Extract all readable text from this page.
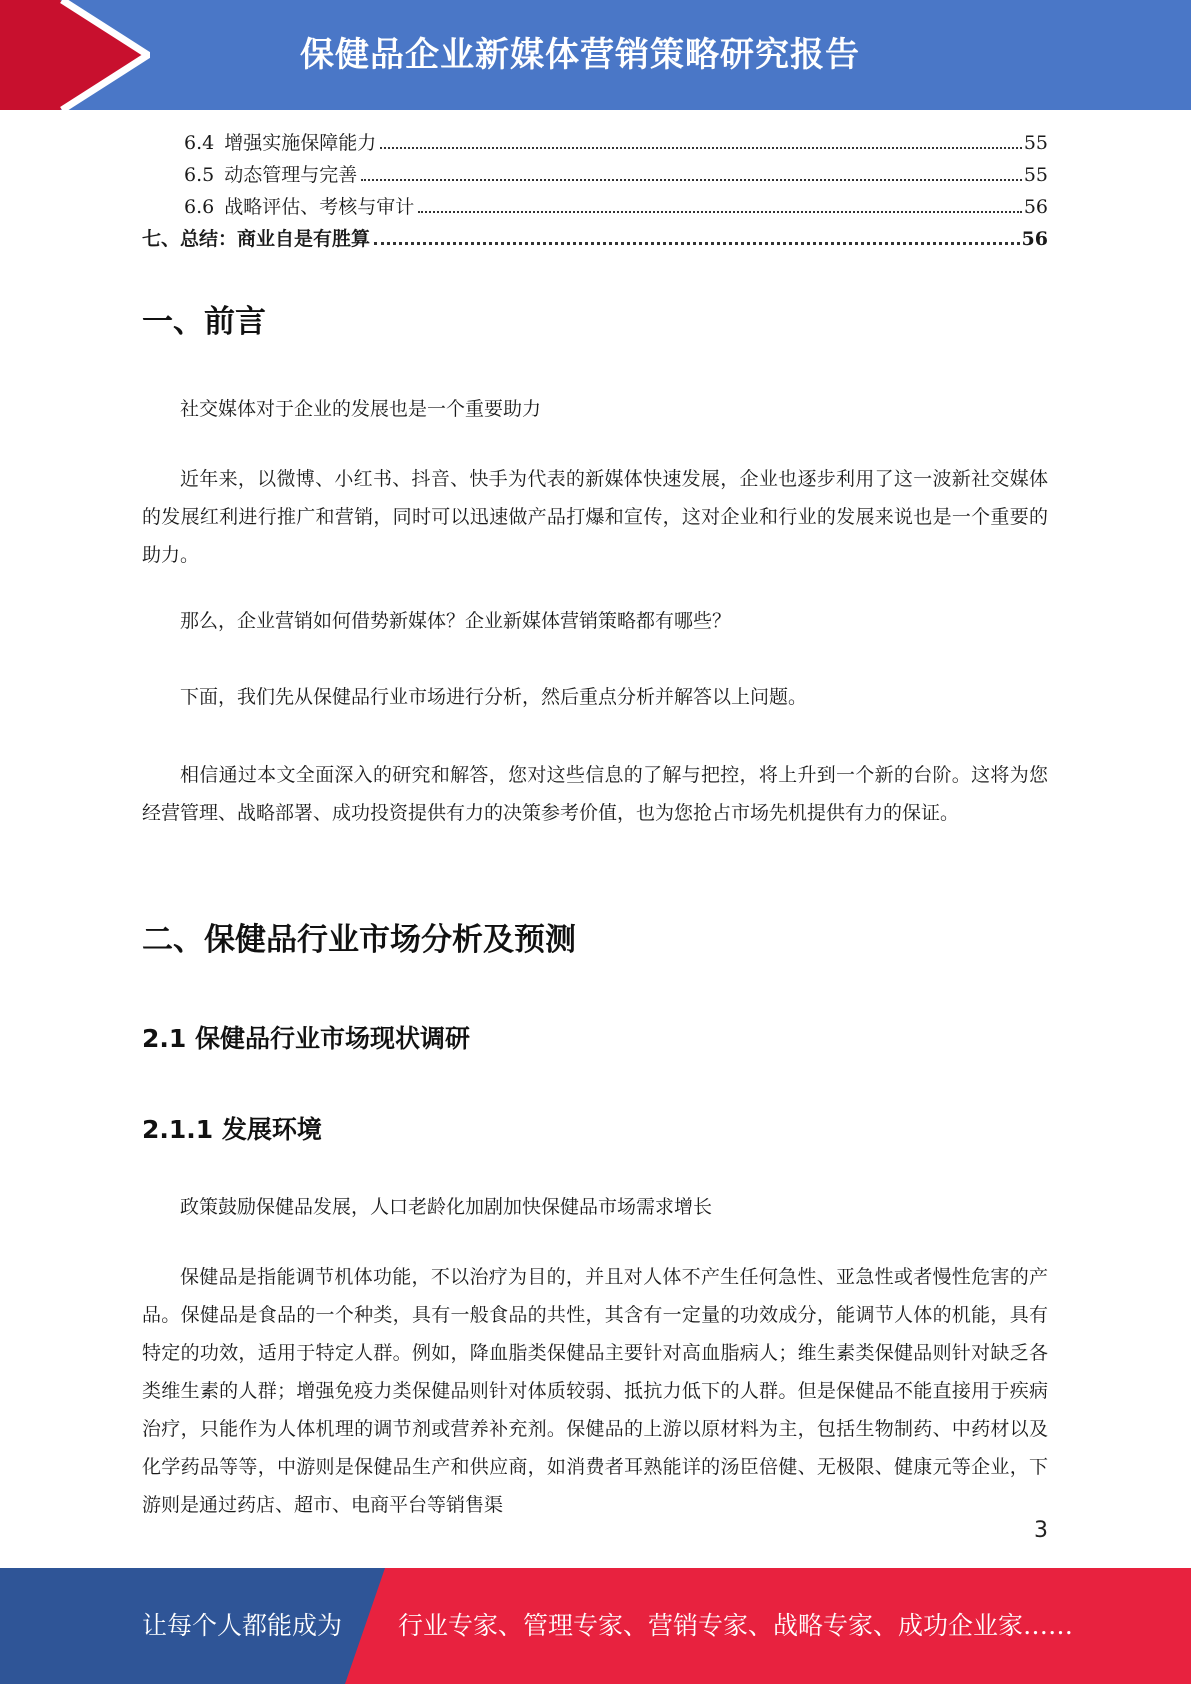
保健品企业新媒体营销策略研究报告
6.4 增强实施保障能力	55
6.5 动态管理与完善	55
6.6 战略评估、考核与审计	56
七、总结：商业自是有胜算	56
一、前言

社交媒体对于企业的发展也是一个重要助力

近年来，以微博、小红书、抖音、快手为代表的新媒体快速发展，企业也逐步利用了这一波新社交媒体的发展红利进行推广和营销，同时可以迅速做产品打爆和宣传，这对企业和行业的发展来说也是一个重要的助力。

那么，企业营销如何借势新媒体？企业新媒体营销策略都有哪些？

下面，我们先从保健品行业市场进行分析，然后重点分析并解答以上问题。

相信通过本文全面深入的研究和解答，您对这些信息的了解与把控，将上升到一个新的台阶。这将为您经营管理、战略部署、成功投资提供有力的决策参考价值，也为您抢占市场先机提供有力的保证。

二、保健品行业市场分析及预测
2.1 保健品行业市场现状调研
2.1.1 发展环境

政策鼓励保健品发展，人口老龄化加剧加快保健品市场需求增长

保健品是指能调节机体功能，不以治疗为目的，并且对人体不产生任何急性、亚急性或者慢性危害的产品。保健品是食品的一个种类，具有一般食品的共性，其含有一定量的功效成分，能调节人体的机能，具有特定的功效，适用于特定人群。例如，降血脂类保健品主要针对高血脂病人；维生素类保健品则针对缺乏各类维生素的人群；增强免疫力类保健品则针对体质较弱、抵抗力低下的人群。但是保健品不能直接用于疾病治疗，只能作为人体机理的调节剂或营养补充剂。保健品的上游以原材料为主，包括生物制药、中药材以及化学药品等等，中游则是保健品生产和供应商，如消费者耳熟能详的汤臣倍健、无极限、健康元等企业，下游则是通过药店、超市、电商平台等销售渠

3
让每个人都能成为 行业专家、管理专家、营销专家、战略专家、成功企业家……
